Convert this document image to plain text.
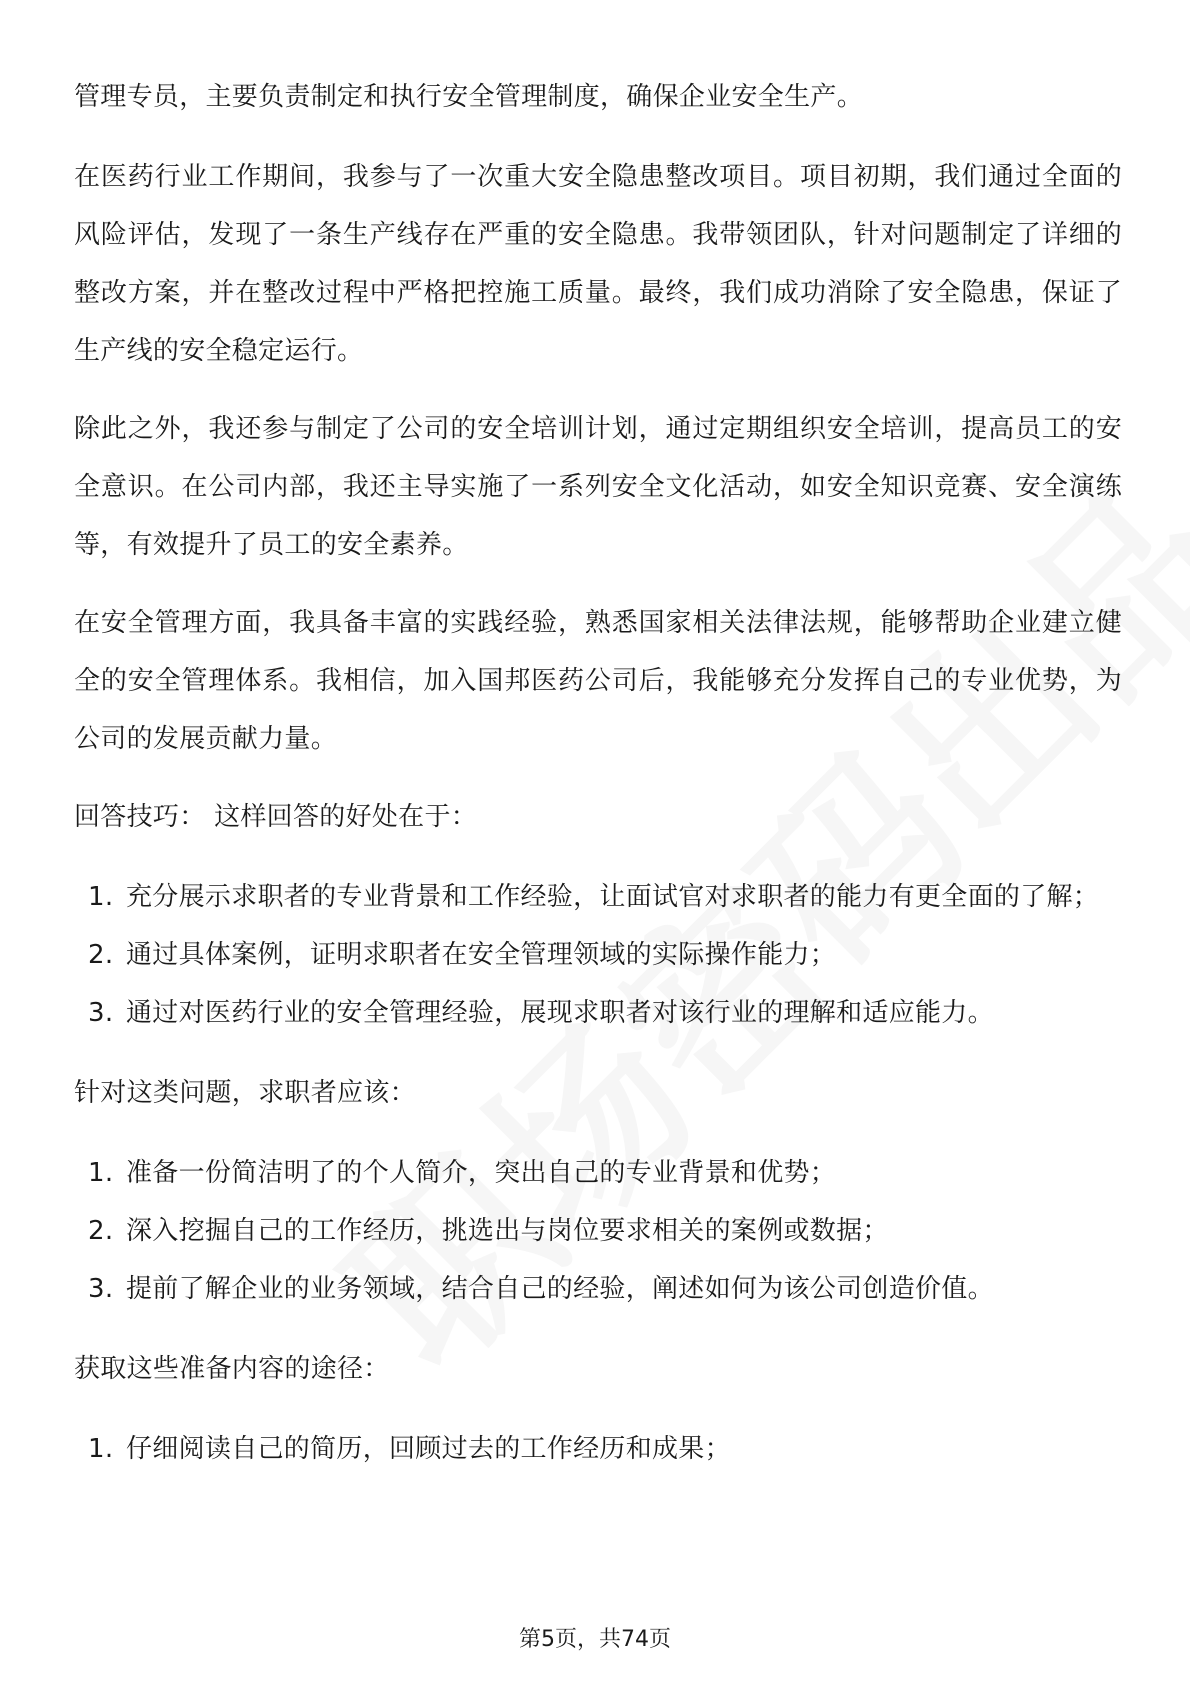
管理专员，主要负责制定和执行安全管理制度，确保企业安全生产。

在医药行业工作期间，我参与了一次重大安全隐患整改项目。项目初期，我们通过全面的风险评估，发现了一条生产线存在严重的安全隐患。我带领团队，针对问题制定了详细的整改方案，并在整改过程中严格把控施工质量。最终，我们成功消除了安全隐患，保证了生产线的安全稳定运行。

除此之外，我还参与制定了公司的安全培训计划，通过定期组织安全培训，提高员工的安全意识。在公司内部，我还主导实施了一系列安全文化活动，如安全知识竞赛、安全演练等，有效提升了员工的安全素养。

在安全管理方面，我具备丰富的实践经验，熟悉国家相关法律法规，能够帮助企业建立健全的安全管理体系。我相信，加入国邦医药公司后，我能够充分发挥自己的专业优势，为公司的发展贡献力量。

回答技巧： 这样回答的好处在于：

1. 充分展示求职者的专业背景和工作经验，让面试官对求职者的能力有更全面的了解；
2. 通过具体案例，证明求职者在安全管理领域的实际操作能力；
3. 通过对医药行业的安全管理经验，展现求职者对该行业的理解和适应能力。

针对这类问题，求职者应该：

1. 准备一份简洁明了的个人简介，突出自己的专业背景和优势；
2. 深入挖掘自己的工作经历，挑选出与岗位要求相关的案例或数据；
3. 提前了解企业的业务领域，结合自己的经验，阐述如何为该公司创造价值。

获取这些准备内容的途径：

1. 仔细阅读自己的简历，回顾过去的工作经历和成果；
第5页，共74页
